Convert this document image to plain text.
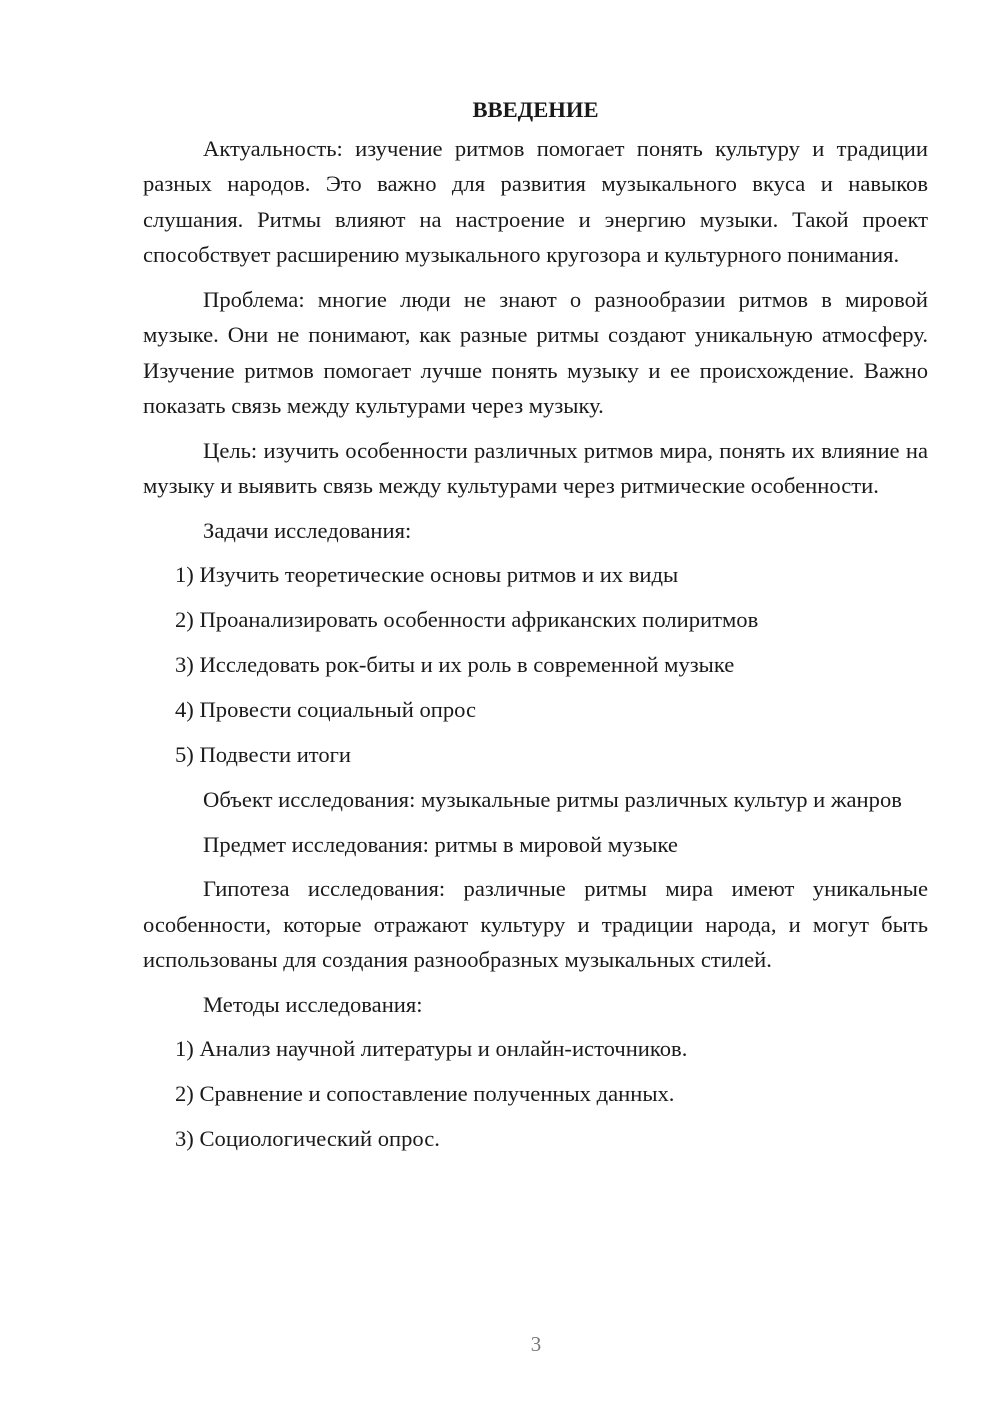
ВВЕДЕНИЕ

Актуальность: изучение ритмов помогает понять культуру и традиции разных народов. Это важно для развития музыкального вкуса и навыков слушания. Ритмы влияют на настроение и энергию музыки. Такой проект способствует расширению музыкального кругозора и культурного понимания.

Проблема: многие люди не знают о разнообразии ритмов в мировой музыке. Они не понимают, как разные ритмы создают уникальную атмосферу. Изучение ритмов помогает лучше понять музыку и ее происхождение. Важно показать связь между культурами через музыку.

Цель: изучить особенности различных ритмов мира, понять их влияние на музыку и выявить связь между культурами через ритмические особенности.

Задачи исследования:

1) Изучить теоретические основы ритмов и их виды
2) Проанализировать особенности африканских полиритмов
3) Исследовать рок-биты и их роль в современной музыке
4) Провести социальный опрос
5) Подвести итоги

Объект исследования: музыкальные ритмы различных культур и жанров

Предмет исследования: ритмы в мировой музыке

Гипотеза исследования: различные ритмы мира имеют уникальные особенности, которые отражают культуру и традиции народа, и могут быть использованы для создания разнообразных музыкальных стилей.

Методы исследования:

1) Анализ научной литературы и онлайн-источников.
2) Сравнение и сопоставление полученных данных.
3) Социологический опрос.
3
